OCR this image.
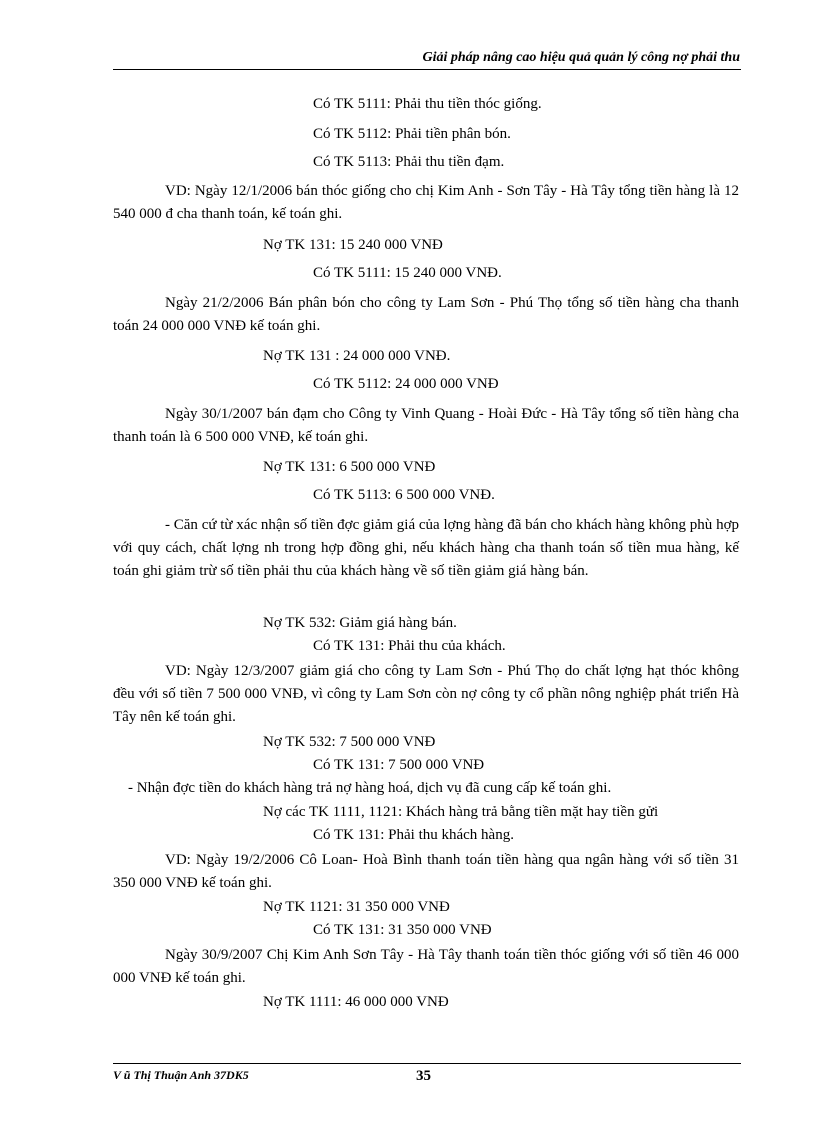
Giải pháp nâng cao hiệu quả quản lý công nợ phải thu
Có TK 5111: Phải thu tiền thóc giống.
Có TK 5112: Phải tiền phân bón.
Có TK 5113: Phải thu tiền đạm.
VD: Ngày 12/1/2006 bán thóc giống cho chị Kim Anh - Sơn Tây - Hà Tây tổng tiền hàng là 12 540 000 đ cha thanh toán, kế toán ghi.
Nợ TK 131: 15 240 000 VNĐ
Có TK 5111: 15 240 000 VNĐ.
Ngày 21/2/2006 Bán phân bón cho công ty Lam Sơn - Phú Thọ tổng số tiền hàng cha thanh toán 24 000 000 VNĐ kế toán ghi.
Nợ TK 131 : 24 000 000 VNĐ.
Có TK 5112: 24 000 000 VNĐ
Ngày 30/1/2007 bán đạm cho Công ty Vinh Quang - Hoài Đức - Hà Tây tổng số tiền hàng cha thanh toán là 6 500 000 VNĐ, kế toán ghi.
Nợ TK 131: 6 500 000 VNĐ
Có TK 5113: 6 500 000 VNĐ.
- Căn cứ từ xác nhận số tiền đợc giảm giá của lợng hàng đã bán cho khách hàng không phù hợp với quy cách, chất lợng nh trong hợp đồng ghi, nếu khách hàng cha thanh toán số tiền mua hàng, kế toán ghi giảm trừ số tiền phải thu của khách hàng về số tiền giảm giá hàng bán.
Nợ TK 532: Giảm giá hàng bán.
Có TK 131: Phải thu của khách.
VD: Ngày 12/3/2007 giảm giá cho công ty Lam Sơn - Phú Thọ do chất lợng hạt thóc không đều với số tiền 7 500 000 VNĐ, vì công ty Lam Sơn còn nợ công ty cổ phần nông nghiệp phát triển Hà Tây nên kế toán ghi.
Nợ TK 532: 7 500 000 VNĐ
Có TK 131: 7 500 000 VNĐ
- Nhận đợc tiền do khách hàng trả nợ hàng hoá, dịch vụ đã cung cấp kế toán ghi.
Nợ các TK 1111, 1121: Khách hàng trả bằng tiền mặt hay tiền gửi
Có TK 131: Phải thu khách hàng.
VD: Ngày 19/2/2006 Cô Loan- Hoà Bình thanh toán tiền hàng qua ngân hàng với số tiền 31 350 000 VNĐ kế toán ghi.
Nợ TK 1121: 31 350 000 VNĐ
Có TK 131: 31 350 000 VNĐ
Ngày 30/9/2007 Chị Kim Anh Sơn Tây - Hà Tây thanh toán tiền thóc giống với số tiền 46 000 000 VNĐ kế toán ghi.
Nợ TK 1111: 46 000 000 VNĐ
V ũ Thị Thuận Anh 37DK5	35
